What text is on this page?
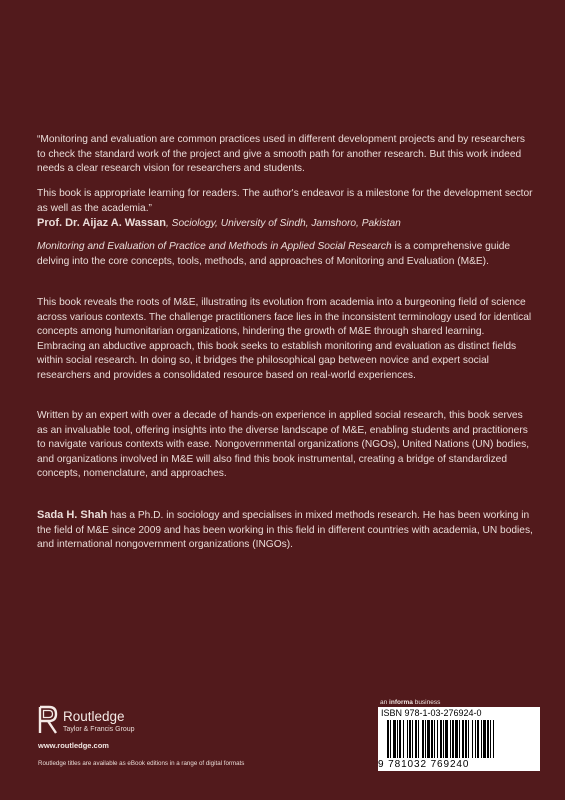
“Monitoring and evaluation are common practices used in different development projects and by researchers to check the standard work of the project and give a smooth path for another research. But this work indeed needs a clear research vision for researchers and students.

This book is appropriate learning for readers. The author's endeavor is a milestone for the development sector as well as the academia.”

Prof. Dr. Aijaz A. Wassan, Sociology, University of Sindh, Jamshoro, Pakistan

Monitoring and Evaluation of Practice and Methods in Applied Social Research is a comprehensive guide delving into the core concepts, tools, methods, and approaches of Monitoring and Evaluation (M&E).

This book reveals the roots of M&E, illustrating its evolution from academia into a burgeoning field of science across various contexts. The challenge practitioners face lies in the inconsistent terminology used for identical concepts among humonitarian organizations, hindering the growth of M&E through shared learning. Embracing an abductive approach, this book seeks to establish monitoring and evaluation as distinct fields within social research. In doing so, it bridges the philosophical gap between novice and expert social researchers and provides a consolidated resource based on real-world experiences.

Written by an expert with over a decade of hands-on experience in applied social research, this book serves as an invaluable tool, offering insights into the diverse landscape of M&E, enabling students and practitioners to navigate various contexts with ease. Nongovernmental organizations (NGOs), United Nations (UN) bodies, and organizations involved in M&E will also find this book instrumental, creating a bridge of standardized concepts, nomenclature, and approaches.

Sada H. Shah has a Ph.D. in sociology and specialises in mixed methods research. He has been working in the field of M&E since 2009 and has been working in this field in different countries with academia, UN bodies, and international nongovernment organizations (INGOs).

Routledge
Taylor & Francis Group
www.routledge.com
Routledge titles are available as eBook editions in a range of digital formats
an informa business
ISBN 978-1-03-276924-0
9 781032 769240
